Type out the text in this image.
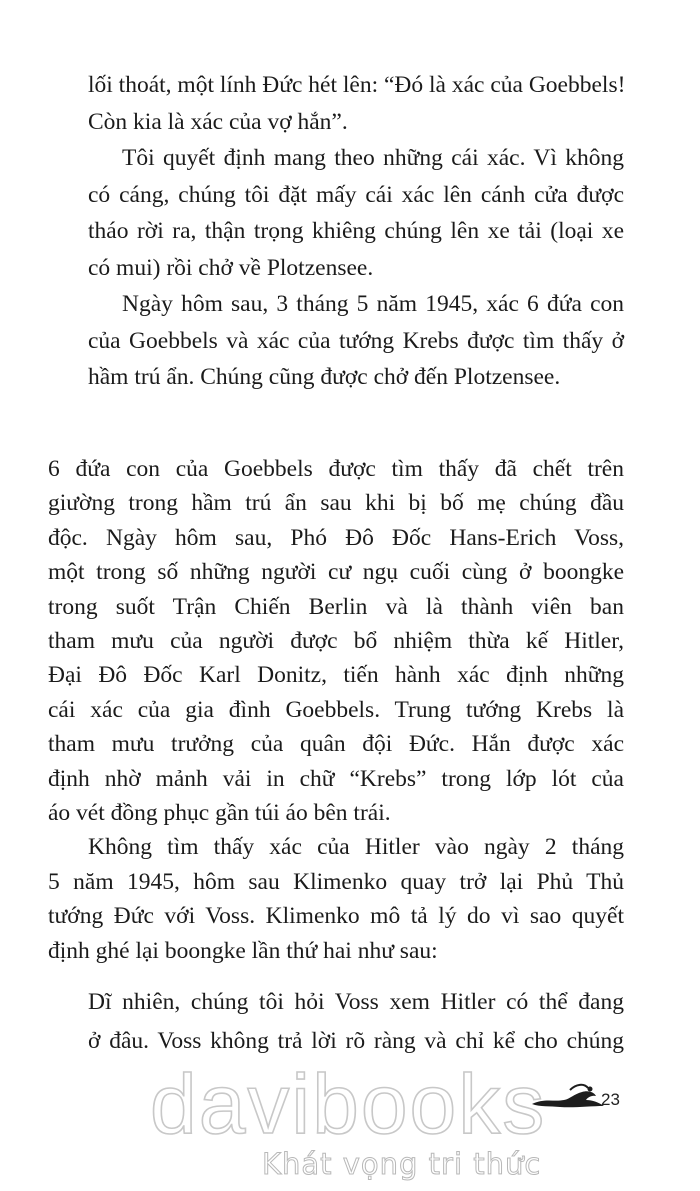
lối thoát, một lính Đức hét lên: “Đó là xác của Goebbels!
Còn kia là xác của vợ hắn”.
Tôi quyết định mang theo những cái xác. Vì không
có cáng, chúng tôi đặt mấy cái xác lên cánh cửa được
tháo rời ra, thận trọng khiêng chúng lên xe tải (loại xe
có mui) rồi chở về Plotzensee.
Ngày hôm sau, 3 tháng 5 năm 1945, xác 6 đứa con
của Goebbels và xác của tướng Krebs được tìm thấy ở
hầm trú ẩn. Chúng cũng được chở đến Plotzensee.
6 đứa con của Goebbels được tìm thấy đã chết trên
giường trong hầm trú ẩn sau khi bị bố mẹ chúng đầu
độc. Ngày hôm sau, Phó Đô Đốc Hans-Erich Voss,
một trong số những người cư ngụ cuối cùng ở boongke
trong suốt Trận Chiến Berlin và là thành viên ban
tham mưu của người được bổ nhiệm thừa kế Hitler,
Đại Đô Đốc Karl Donitz, tiến hành xác định những
cái xác của gia đình Goebbels. Trung tướng Krebs là
tham mưu trưởng của quân đội Đức. Hắn được xác
định nhờ mảnh vải in chữ “Krebs” trong lớp lót của
áo vét đồng phục gần túi áo bên trái.
Không tìm thấy xác của Hitler vào ngày 2 tháng
5 năm 1945, hôm sau Klimenko quay trở lại Phủ Thủ
tướng Đức với Voss. Klimenko mô tả lý do vì sao quyết
định ghé lại boongke lần thứ hai như sau:
23
davibooks
Khát vọng tri thức
Dĩ nhiên, chúng tôi hỏi Voss xem Hitler có thể đang
ở đâu. Voss không trả lời rõ ràng và chỉ kể cho chúng
